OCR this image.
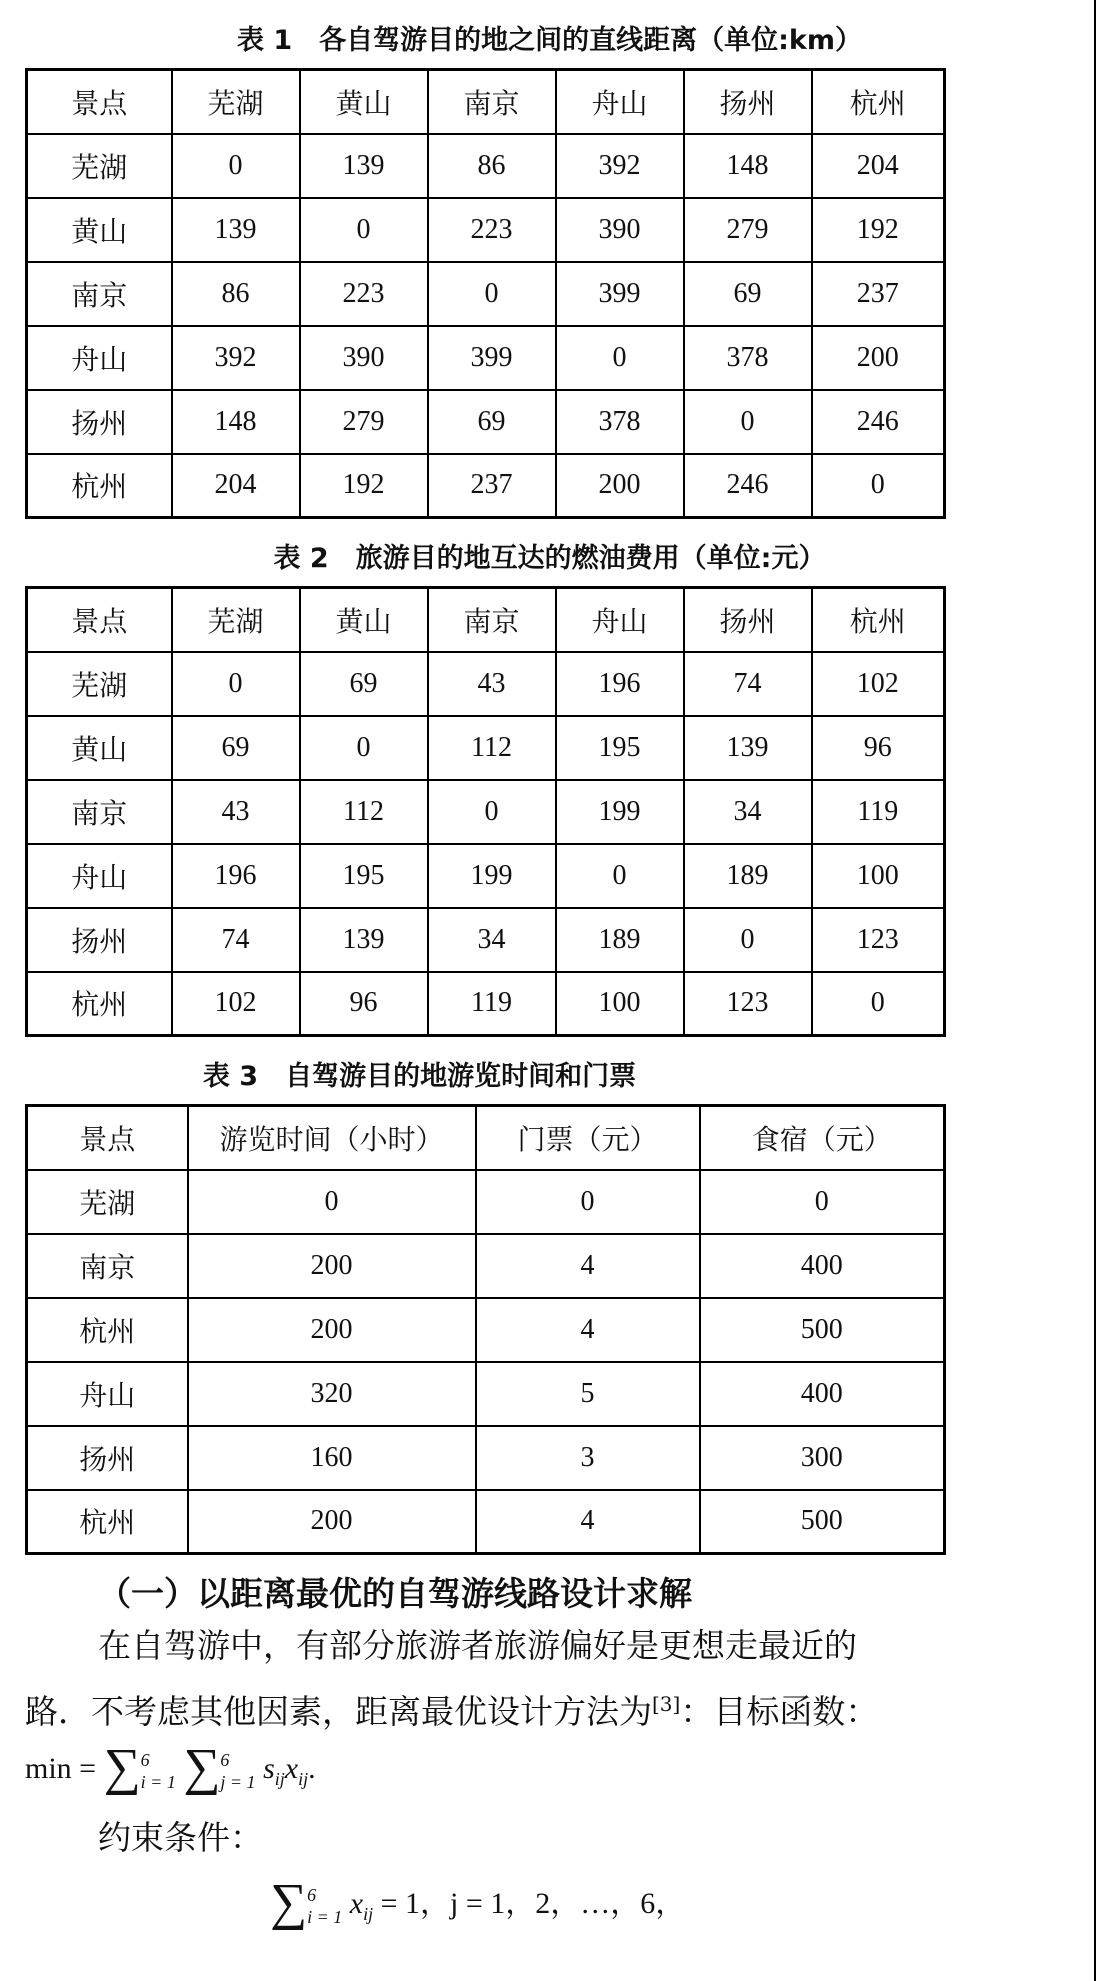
表 1　各自驾游目的地之间的直线距离（单位:km）
景点	芜湖	黄山	南京	舟山	扬州	杭州
芜湖	0	139	86	392	148	204
黄山	139	0	223	390	279	192
南京	86	223	0	399	69	237
舟山	392	390	399	0	378	200
扬州	148	279	69	378	0	246
杭州	204	192	237	200	246	0
表 2　旅游目的地互达的燃油费用（单位:元）
景点	芜湖	黄山	南京	舟山	扬州	杭州
芜湖	0	69	43	196	74	102
黄山	69	0	112	195	139	96
南京	43	112	0	199	34	119
舟山	196	195	199	0	189	100
扬州	74	139	34	189	0	123
杭州	102	96	119	100	123	0
表 3　自驾游目的地游览时间和门票
景点	游览时间（小时）	门票（元）	食宿（元）
芜湖	0	0	0
南京	200	4	400
杭州	200	4	500
舟山	320	5	400
扬州	160	3	300
杭州	200	4	500
（一）以距离最优的自驾游线路设计求解
在自驾游中，有部分旅游者旅游偏好是更想走最近的
路．不考虑其他因素，距离最优设计方法为[3]：目标函数：
min = ∑6
i = 1 ∑6
j = 1 $s_{ij}x_{ij}$.
约束条件：
∑6
i = 1 $x_{ij} = 1$，j = 1，2，…，6，
